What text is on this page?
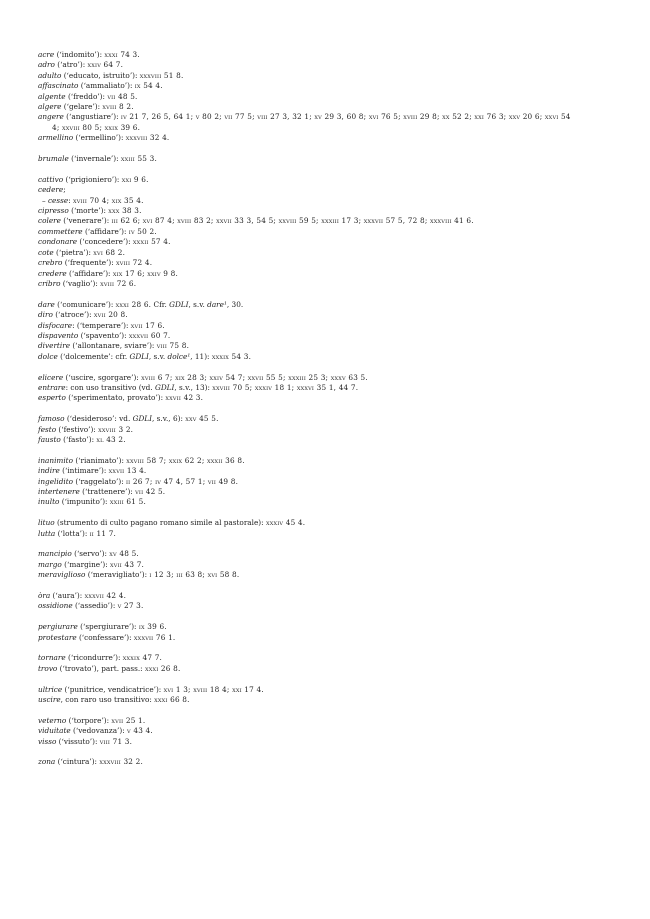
acre (‘indomito’): xxxi 74 3.
adro (‘atro’): xxiv 64 7.
adulto (‘educato, istruito’): xxxviii 51 8.
affascinato (‘ammaliato’): ix 54 4.
algente (‘freddo’): vii 48 5.
algere (‘gelare’): xviii 8 2.
angere (‘angustiare’): iv 21 7, 26 5, 64 1; v 80 2; vii 77 5; viii 27 3, 32 1; xv 29 3, 60 8; xvi 76 5; xviii 29 8; xx 52 2; xxi 76 3; xxv 20 6; xxvi 54
4; xxviii 80 5; xxix 39 6.
armellino (‘ermellino’): xxxviii 32 4.
brumale (‘invernale’): xxiii 55 3.
cattivo (‘prigioniero’): xxi 9 6.
cedere;
– cesse: xviii 70 4; xix 35 4.
cipresso (‘morte’): xxx 38 3.
colere (‘venerare’): iii 62 6; xvi 87 4; xviii 83 2; xxvii 33 3, 54 5; xxviii 59 5; xxxiii 17 3; xxxvii 57 5, 72 8; xxxviii 41 6.
commettere (‘affidare’): iv 50 2.
condonare (‘concedere’): xxxii 57 4.
cote (‘pietra’): xvi 68 2.
crebro (‘frequente’): xviii 72 4.
credere (‘affidare’): xix 17 6; xxiv 9 8.
cribro (‘vaglio’): xviii 72 6.
dare (‘comunicare’): xxxi 28 6. Cfr. GDLI, s.v. dare¹, 30.
diro (‘atroce’): xvii 20 8.
disfocare: (‘temperare’): xvii 17 6.
dispavento (‘spavento’): xxxvii 60 7.
divertire (‘allontanare, sviare’): viii 75 8.
dolce (‘dolcemente’: cfr. GDLI, s.v. dolce¹, 11): xxxix 54 3.
elicere (‘uscire, sgorgare’): xviii 6 7; xix 28 3; xxiv 54 7; xxvii 55 5; xxxiii 25 3; xxxv 63 5.
entrare: con uso transitivo (vd. GDLI, s.v., 13): xxviii 70 5; xxxiv 18 1; xxxvi 35 1, 44 7.
esperto (‘sperimentato, provato’): xxvii 42 3.
famoso (‘desideroso’: vd. GDLI, s.v., 6): xxv 45 5.
festo (‘festivo’): xxviii 3 2.
fausto (‘fasto’): xl 43 2.
inanimito (‘rianimato’): xxviii 58 7; xxix 62 2; xxxii 36 8.
indire (‘intimare’): xxvii 13 4.
ingelidito (‘raggelato’): ii 26 7; iv 47 4, 57 1; vii 49 8.
intertenere (‘trattenere’): vii 42 5.
inulto (‘impunito’): xxiii 61 5.
lituo (strumento di culto pagano romano simile al pastorale): xxxiv 45 4.
lutta (‘lotta’): ii 11 7.
mancipio (‘servo’): xv 48 5.
margo (‘margine’): xvii 43 7.
meraviglioso (‘meravigliato’): i 12 3; iii 63 8; xvi 58 8.
òra (‘aura’): xxxvii 42 4.
ossidione (‘assedio’): v 27 3.
pergiurare (‘spergiurare’): ix 39 6.
protestare (‘confessare’): xxxvii 76 1.
tornare (‘ricondurre’): xxxix 47 7.
trovo (‘trovato’), part. pass.: xxxi 26 8.
ultrice (‘punitrice, vendicatrice’): xvi 1 3; xviii 18 4; xxi 17 4.
uscire, con raro uso transitivo: xxxi 66 8.
veterno (‘torpore’): xvii 25 1.
viduitate (‘vedovanza’): v 43 4.
visso (‘vissuto’): viii 71 3.
zona (‘cintura’): xxxviii 32 2.
